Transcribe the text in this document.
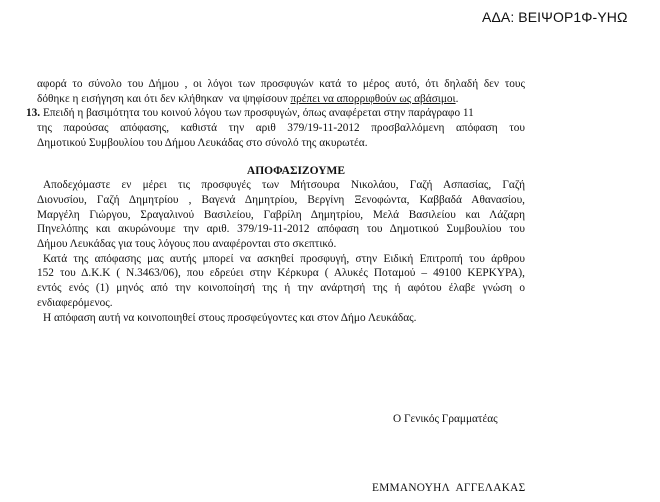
ΑΔΑ: ΒΕΙΨΟΡ1Φ-ΥΗΩ
αφορά το σύνολο του Δήμου , οι λόγοι των προσφυγών κατά το μέρος αυτό, ότι δηλαδή δεν τους
δόθηκε η εισήγηση και ότι δεν κλήθηκαν  να ψηφίσουν πρέπει να απορριφθούν ως αβάσιμοι.
13. Επειδή η βασιμότητα του κοινού λόγου των προσφυγών, όπως αναφέρεται στην παράγραφο 11
της παρούσας απόφασης, καθιστά την αριθ 379/19-11-2012 προσβαλλόμενη απόφαση του
Δημοτικού Συμβουλίου του Δήμου Λευκάδας στο σύνολό της ακυρωτέα.
ΑΠΟΦΑΣΙΖΟΥΜΕ
Αποδεχόμαστε εν μέρει τις προσφυγές των Μήτσουρα Νικολάου, Γαζή Ασπασίας, Γαζή
Διονυσίου, Γαζή Δημητρίου , Βαγενά Δημητρίου, Βεργίνη Ξενοφώντα, Καββαδά Αθανασίου,
Μαργέλη Γιώργου, Σραγαλινού Βασιλείου, Γαβρίλη Δημητρίου, Μελά Βασιλείου και Λάζαρη
Πηνελόπης και ακυρώνουμε την αριθ. 379/19-11-2012 απόφαση του Δημοτικού Συμβουλίου του
Δήμου Λευκάδας για τους λόγους που αναφέρονται στο σκεπτικό.
Κατά της απόφασης μας αυτής μπορεί να ασκηθεί προσφυγή, στην Ειδική Επιτροπή του άρθρου
152 του Δ.Κ.Κ ( Ν.3463/06), που εδρεύει στην Κέρκυρα ( Αλυκές Ποταμού – 49100 ΚΕΡΚΥΡΑ),
εντός ενός (1) μηνός από την κοινοποίησή της ή την ανάρτησή της ή αφότου έλαβε γνώση ο
ενδιαφερόμενος.
Η απόφαση αυτή να κοινοποιηθεί στους προσφεύγοντες και στον Δήμο Λευκάδας.
Ο Γενικός Γραμματέας
ΕΜΜΑΝΟΥΗΛ  ΑΓΓΕΛΑΚΑΣ
